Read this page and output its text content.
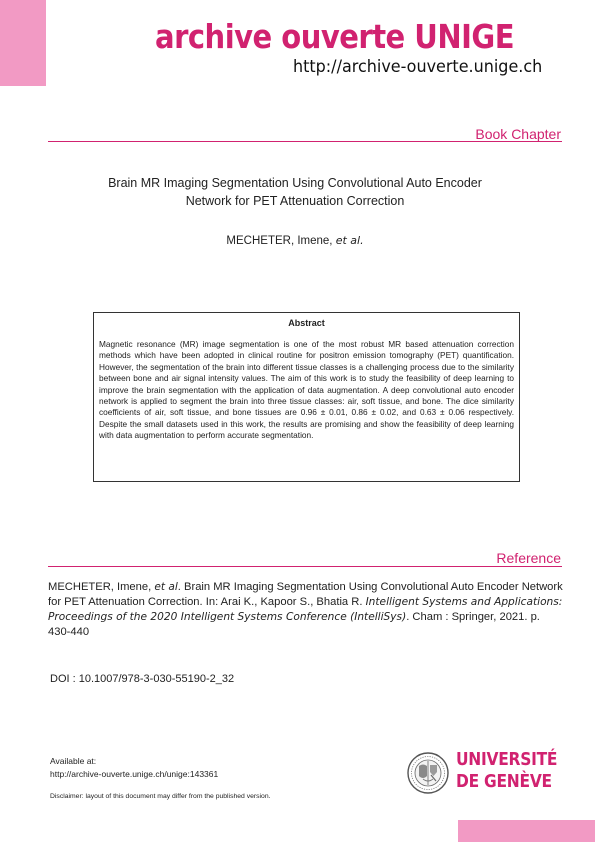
archive ouverte UNIGE
http://archive-ouverte.unige.ch
Book Chapter
Brain MR Imaging Segmentation Using Convolutional Auto Encoder
Network for PET Attenuation Correction
MECHETER, Imene, et al.
Abstract
Magnetic resonance (MR) image segmentation is one of the most robust MR based attenuation correction methods which have been adopted in clinical routine for positron emission tomography (PET) quantification. However, the segmentation of the brain into different tissue classes is a challenging process due to the similarity between bone and air signal intensity values. The aim of this work is to study the feasibility of deep learning to improve the brain segmentation with the application of data augmentation. A deep convolutional auto encoder network is applied to segment the brain into three tissue classes: air, soft tissue, and bone. The dice similarity coefficients of air, soft tissue, and bone tissues are 0.96 ± 0.01, 0.86 ± 0.02, and 0.63 ± 0.06 respectively. Despite the small datasets used in this work, the results are promising and show the feasibility of deep learning with data augmentation to perform accurate segmentation.
Reference
MECHETER, Imene, et al. Brain MR Imaging Segmentation Using Convolutional Auto Encoder Network for PET Attenuation Correction. In: Arai K., Kapoor S., Bhatia R. Intelligent Systems and Applications: Proceedings of the 2020 Intelligent Systems Conference (IntelliSys). Cham : Springer, 2021. p. 430-440
DOI : 10.1007/978-3-030-55190-2_32
Available at:
http://archive-ouverte.unige.ch/unige:143361
Disclaimer: layout of this document may differ from the published version.
UNIVERSITÉ
DE GENÈVE
